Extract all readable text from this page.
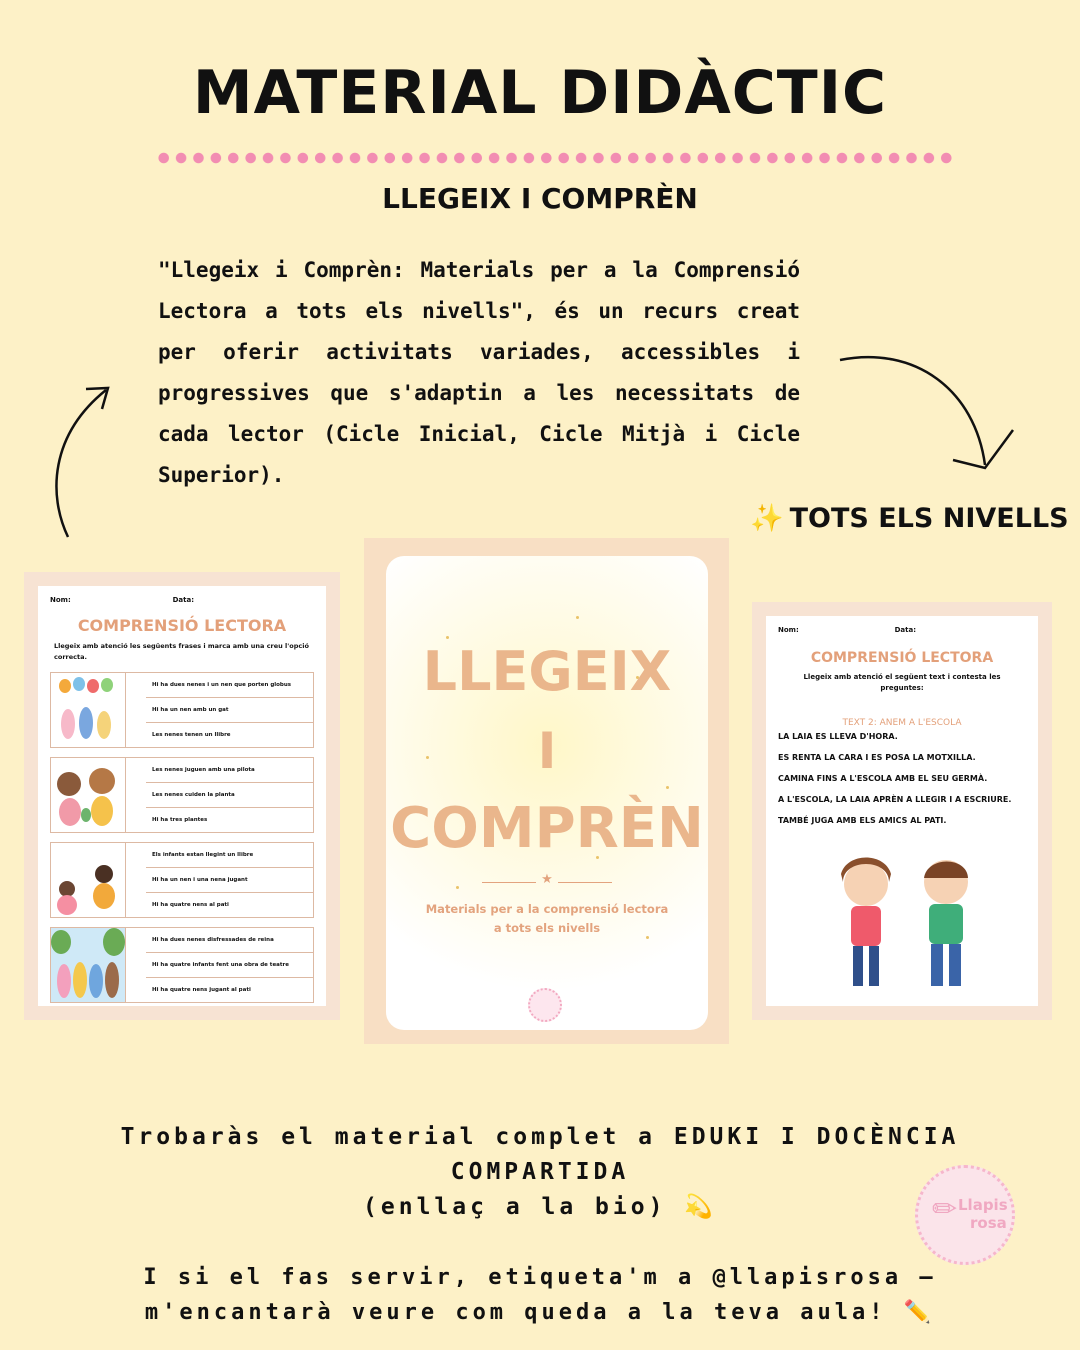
MATERIAL DIDÀCTIC
LLEGEIX I COMPRÈN
"Llegeix i Comprèn: Materials per a la Comprensió Lectora a tots els nivells", és un recurs creat per oferir activitats variades, accessibles i progressives que s'adaptin a les necessitats de cada lector (Cicle Inicial, Cicle Mitjà i Cicle Superior).
✨ TOTS ELS NIVELLS
Nom:	Data:
COMPRENSIÓ LECTORA
Llegeix amb atenció les següents frases i marca amb una creu l'opció correcta.
Hi ha dues nenes i un nen que porten globus
Hi ha un nen amb un gat
Les nenes tenen un llibre
Les nenes juguen amb una pilota
Les nenes cuiden la planta
Hi ha tres plantes
Els infants estan llegint un llibre
Hi ha un nen i una nena jugant
Hi ha quatre nens al pati
Hi ha dues nenes disfressades de reina
Hi ha quatre infants fent una obra de teatre
Hi ha quatre nens jugant al pati
LLEGEIX
I
COMPRÈN
★
Materials per a la comprensió lectora
a tots els nivells
Nom:	Data:
COMPRENSIÓ LECTORA
Llegeix amb atenció el següent text i contesta les preguntes:
TEXT 2: ANEM A L'ESCOLA

LA LAIA ES LLEVA D'HORA.

ES RENTA LA CARA I ES POSA LA MOTXILLA.

CAMINA FINS A L'ESCOLA AMB EL SEU GERMÀ.

A L'ESCOLA, LA LAIA APRÈN A LLEGIR I A ESCRIURE.

TAMBÉ JUGA AMB ELS AMICS AL PATI.

Trobaràs el material complet a EDUKI I DOCÈNCIA
COMPARTIDA
(enllaç a la bio) 💫
I si el fas servir, etiqueta'm a @llapisrosa —
m'encantarà veure com queda a la teva aula! ✏️
Llapis
rosa
✏
